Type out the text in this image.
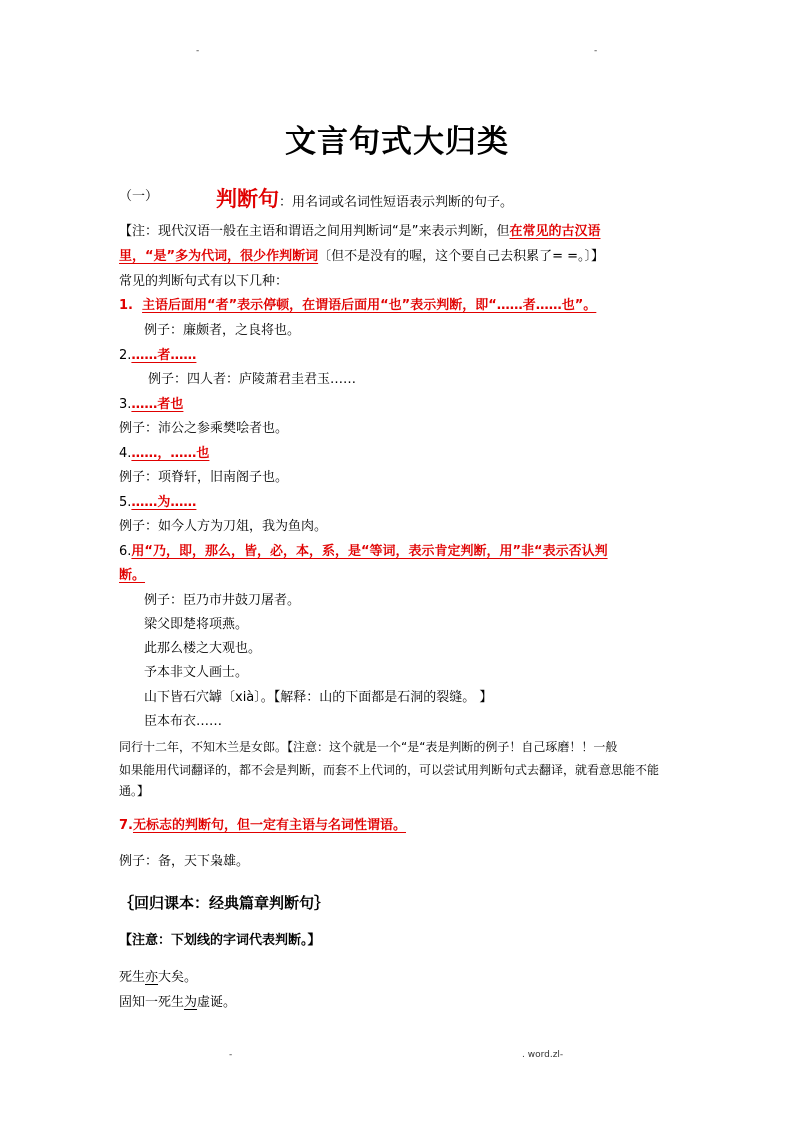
-	-
文言句式大归类
（一）	判断句：用名词或名词性短语表示判断的句子。
【注：现代汉语一般在主语和谓语之间用判断词“是”来表示判断，但在常见的古汉语
里，“是”多为代词，很少作判断词〔但不是没有的喔，这个要自己去积累了= =。〕】
常见的判断句式有以下几种：
1. 主语后面用“者”表示停顿，在谓语后面用“也”表示判断，即“……者……也”。
例子：廉颇者，之良将也。
2.……者……
例子：四人者：庐陵萧君圭君玉……
3.……者也
例子：沛公之参乘樊哙者也。
4.……，……也
例子：项脊轩，旧南阁子也。
5.……为……
例子：如今人方为刀俎，我为鱼肉。
6.用“乃，即，那么，皆，必，本，系，是“等词，表示肯定判断，用”非“表示否认判
断。
例子：臣乃市井鼓刀屠者。
梁父即楚将项燕。
此那么楼之大观也。
予本非文人画士。
山下皆石穴罅〔xià〕。【解释：山的下面都是石洞的裂缝。 】
臣本布衣……
同行十二年，不知木兰是女郎。【注意：这个就是一个“是“表是判断的例子！自己琢磨！！一般
如果能用代词翻译的，都不会是判断，而套不上代词的，可以尝试用判断句式去翻译，就看意思能不能
通。】
7.无标志的判断句，但一定有主语与名词性谓语。
例子：备，天下枭雄。
｛回归课本：经典篇章判断句｝
【注意：下划线的字词代表判断。】
死生亦大矣。
固知一死生为虚诞。
-	. word.zl-
